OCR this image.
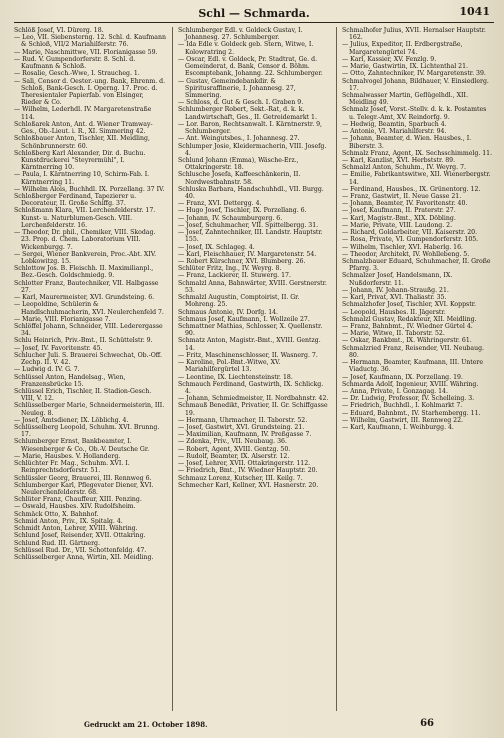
Schl — Schmarda.	1041

Schlöß Josef, VI. Dürerg. 18.

— Leo, VII. Siebensterng. 12. Schl. d. Kaufmann & Schloß, VII/2 Mariahilferstr. 76.

— Marie, Naschmittwe, VII. Florianigasse 59.

— Rud. V. Gumpendorferstr. 8. Schl. d. Kaufmann & Schloß.

— Rosalie, Gesch.-Wwe, I. Straucheg. 1.

— Sali, Censor d. Oester.-ung. Bank, Ehrenm. d. Schloß, Bank-Gesch. I. Operng. 17. Proc. d. Theresientaler Papierfab. von Elsinger, Rieder & Co.

— Wilhelm, Lederhdl. IV. Margaretenstraße 114.

Schloßarek Anton, Ant. d. Wiener Tramway-Ges., Ob.-Lieut. i. R., XI. Simmering 42.

Schloßbauer Anton, Tischler, XII. Meidling, Schönbrunnerstr. 60.

Schloßberg Karl Alexander, Dir. d. Buchu. Kunstdruckerei "Steyrermühl", I. Kärntnerring 10.

— Paula, I. Kärntnerring 10, Schirm-Fab. I. Kärntnerring 11.

— Wilhelm Alois, Buchhdl. IX. Porzellang. 37 IV.

Schloßberger Ferdinand, Tapezierer u. Decorateur, II. Große Schiffg. 37.

Schloßmann Klara, VII. Lerchenfelderstr. 17. Kunst- u. Naturblumen-Gesch. VIII. Lerchenfelderstr. 16.

— Theodor, Dr. phil., Chemiker, VIII. Skodag. 23. Prop. d. Chem. Laboratorium VIII. Wickenburgg. 7.

— Sergei, Wiener Bankverein, Proc.-Abt. XIV. Lobkowitzg. 15.

Schlottow Jos. B. Fleischh. II. Maximilianpl., Bez.-Gesch. Goldschmiedg. 9.

Schlotter Franz, Bautechniker, VII. Halbgasse 27.

— Karl, Maurermeister, XVI. Grundsteing. 6.

— Leopoldine, Schülerin & Handlschuhmacherin, XVI. Neulerchenfeld 7.

— Marie, VIII. Florianigasse 7.

Schlöffel Johann, Schneider, VIII. Lederergasse 34.

Schlu Heinrich, Priv.-Bmt., II. Schüttelstr. 9.

— Josef, IV. Favoritenstr. 45.

Schlucher Juli. S. Brauerei Schwechat, Ob.-Off. Zechp. II. V. 42.

— Ludwig d. IV. G. 7.

Schlüssel Anton, Handelsag., Wien, Franzensbrücke 15.

Schlüssel Erich, Tischler, II. Stadion-Gesch. VIII, V. 12.

Schlüsselberger Marie, Schneidermeisterin, III. Neuleg. 8.

— Josef, Amtsdiener, IX. Löblichg. 4.

Schlüsselberg Leopold, Schuhm. XVI. Brunng. 17.

Schlumberger Ernst, Bankbeamter, I. Wiesenberger & Co., Ob.-V. Deutsche Gr.

— Marie, Hausbes. V. Hollanderg.

Schlüchter Fr. Mag., Schuhm. XVI. I. Reinprechtsdorferstr. 51.

Schlüssler Georg, Brauerei, III. Rennweg 6.

Schlumberger Karl, Pflegevater Diener, XVI. Neulerchenfelderstr. 68.

Schlüter Franz, Chauffeur, XIII. Penzing.

— Oswald, Hausbes. XIV. Rudolfsheim.

Schmäck Otto, X. Bahnhof.

Schmid Anton, Priv., IX. Spitalg. 4.

Schmidt Anton, Lehrer, XVIII. Währing.

Schlund Josef, Reisender, XVII. Ottakring.

Schlund Rud. III. Gärtnerg.

Schlüssel Rud. Dr., VII. Schottenfeldg. 47.

Schlüsselberger Anna, Wirtin, XII. Meidling.

Schlumberger Edl. v. Goldeck Gustav, I. Johannesg. 27. Schlumberger.

— Ida Edle v. Goldeck geb. Stern, Witwe, I. Kolowratring 2.

— Oscar, Edl. v. Goldeck, Pr. Stadtrat, Ge. d. Gemeinderat, d. Bank, Censor d. Böhm. Escomptebank, Johanng. 22. Schlumberger.

— Gustav, Gemeindebankdir. & Spiritusraffinerie, I. Johannesg. 27, Simmering.

— Schloss, d. Gut & Gesch. I. Graben 9.

Schlumberger Robert, Sekt.-Rat, d. k. k. Landwirtschaft, Ges., II. Getreidemarkt 1.

— Lor. Baron, Rechtsanwalt. I. Kärntnerstr. 9, Schlumberger.

— Ant. Weingutsbes., I. Johannesg. 27.

Schlumper Josie, Kleidermacherin, VIII. Josefg. 4.

Schlund Johann (Emma), Wäsche-Erz., Ottakringerstr. 18.

Schlusche Josefa, Kaffeeschänkerin, II. Nordwestbahnstr. 58.

Schluska Barbara, Handschuhhdl., VII. Burgg. 40.

— Franz, XVI. Dettergg. 4.

— Hugo Josef, Tischler, IX. Porzellang. 6.

— Johann, IV. Schaumburgerg. 6.

— Josef, Schuhmacher, VII. Spittelbergg. 31.

— Josef, Zahntechniker, III. Landstr. Hauptstr. 155.

— Josef, IX. Schlageg. 4.

— Karl, Fleischhauer, IV. Margaretenstr. 54.

— Robert Kürschner, XVI. Blumberg. 26.

Schlüter Fritz, Ing., IV. Weyrg. 8.

— Franz, Lackierer, II. Stuwerg. 17.

Schmalzl Anna, Bahnwärter, XVIII. Gerstnerstr. 53.

Schmalzl Augustin, Comptoirist, II. Gr. Mohreng. 25.

Schmaus Antonie, IV. Dorfg. 14.

Schmaus Josef, Kaufmann, I. Wollzeile 27.

Schmattner Mathias, Schlosser, X. Quellenstr. 90.

Schmatz Anton, Magistr.-Bmt., XVIII. Gentzg. 14.

— Fritz, Maschinenschlosser, II. Wasnerg. 7.

— Karoline, Pol.-Bmt.-Witwe, XV. Mariahilfergürtel 13.

— Leontine, IX. Liechtensteinstr. 18.

Schmauch Ferdinand, Gastwirth, IX. Schlickg. 4.

— Johann, Schmiedmeister, II. Nordbahnstr. 42.

Schmauß Benedikt, Privatier, II. Gr. Schiffgasse 19.

— Hermann, Uhrmacher, II. Taborstr. 52.

— Josef, Gastwirt, XVI. Grundsteing. 21.

— Maximilian, Kaufmann, IV. Preßgasse 7.

— Zdenka, Priv., VII. Neubaug. 36.

— Robert, Agent, XVIII. Gentzg. 50.

— Rudolf, Beamter, IX. Alserstr. 12.

— Josef, Lehrer, XVII. Ottakringerstr. 112.

— Friedrich, Bmt., IV. Wiedner Hauptstr. 20.

Schmauz Lorenz, Kutscher, III. Keilg. 7.

Schmecher Karl, Kellner, XVI. Hasnerstr. 20.

Schmalhofer Julius, XVII. Hernalser Hauptstr. 162.

— Julius, Expeditor, II. Erdbergstraße, Margaretengürtel 74.

— Karl, Kassier, XV. Fenzlg. 9.

— Marie, Gastwirtin, IX. Lichtenthal 21.

— Otto, Zahntechniker, IV. Margaretenstr. 39.

Schmalvogel Johann, Bildhauer, V. Einsiedlerg. 17.

Schmalwasser Martin, Geflügelhdl., XII. Meidling 49.

Schmalz Josef, Vorst.-Stellv. d. k. k. Postamtes u. Telegr.-Amt, XV. Reindorfg. 9.

— Hedwig, Beamtin, Sparbuch 4.

— Antonie, VI. Mariahilferstr. 94.

— Johann, Beamter, d. Wien. Hausbes., I. Biberstr. 3.

Schmalz Franz, Agent, IX. Sechsschimmelg. 11.

— Karl, Kanzlist, XVI. Herbststr. 89.

Schmalzl Anton, Schuhm., IV. Weyrg. 7.

— Emilie, Fabrikantswitwe, XII. Wienerbergstr. 14.

— Ferdinand, Hausbes., IX. Grünentorg. 12.

— Franz, Gastwirt, II. Neue Gasse 21.

— Johann, Beamter, IV. Favoritenstr. 40.

— Josef, Kaufmann, II. Praterstr. 27.

— Karl, Magistr.-Bmt., XIX. Döbling.

— Marie, Private, VIII. Laudong. 2.

— Richard, Goldarbeiter, VII. Kaiserstr. 20.

— Rosa, Private, VI. Gumpendorferstr. 105.

— Wilhelm, Tischler, XVI. Haberlg. 16.

— Theodor, Architekt, IV. Wohllebeng. 5.

Schmalzbauer Eduard, Schuhmacher, II. Große Pfarrg. 3.

Schmalzer Josef, Handelsmann, IX. Nußdorferstr. 11.

— Johann, IV. Johann-Straußg. 21.

— Karl, Privat, XVI. Thaliastr. 35.

Schmalzhofer Josef, Tischler, XVI. Koppstr.

— Leopold, Hausbes. II. Jägerstr.

Schmalzl Gustav, Redakteur, XII. Meidling.

— Franz, Bahnbmt., IV. Wiedner Gürtel 4.

— Marie, Witwe, II. Taborstr. 52.

— Oskar, Bankbmt., IX. Währingerstr. 61.

Schmalzried Franz, Reisender, VII. Neubaug. 80.

— Hermann, Beamter, Kaufmann, III. Untere Viaductg. 36.

— Josef, Kaufmann, IX. Porzellang. 19.

Schmarda Adolf, Ingenieur, XVIII. Währing.

— Anna, Private, I. Gonzagag. 14.

— Dr. Ludwig, Professor, IV. Schelleing. 3.

— Friedrich, Buchhdl., I. Kohlmarkt 7.

— Eduard, Bahnbmt., IV. Starhembergg. 11.

— Wilhelm, Gastwirt, III. Rennweg 22.

— Karl, Kaufmann, I. Weihburgg. 4.

Gedruckt am 21. October 1898.	66
